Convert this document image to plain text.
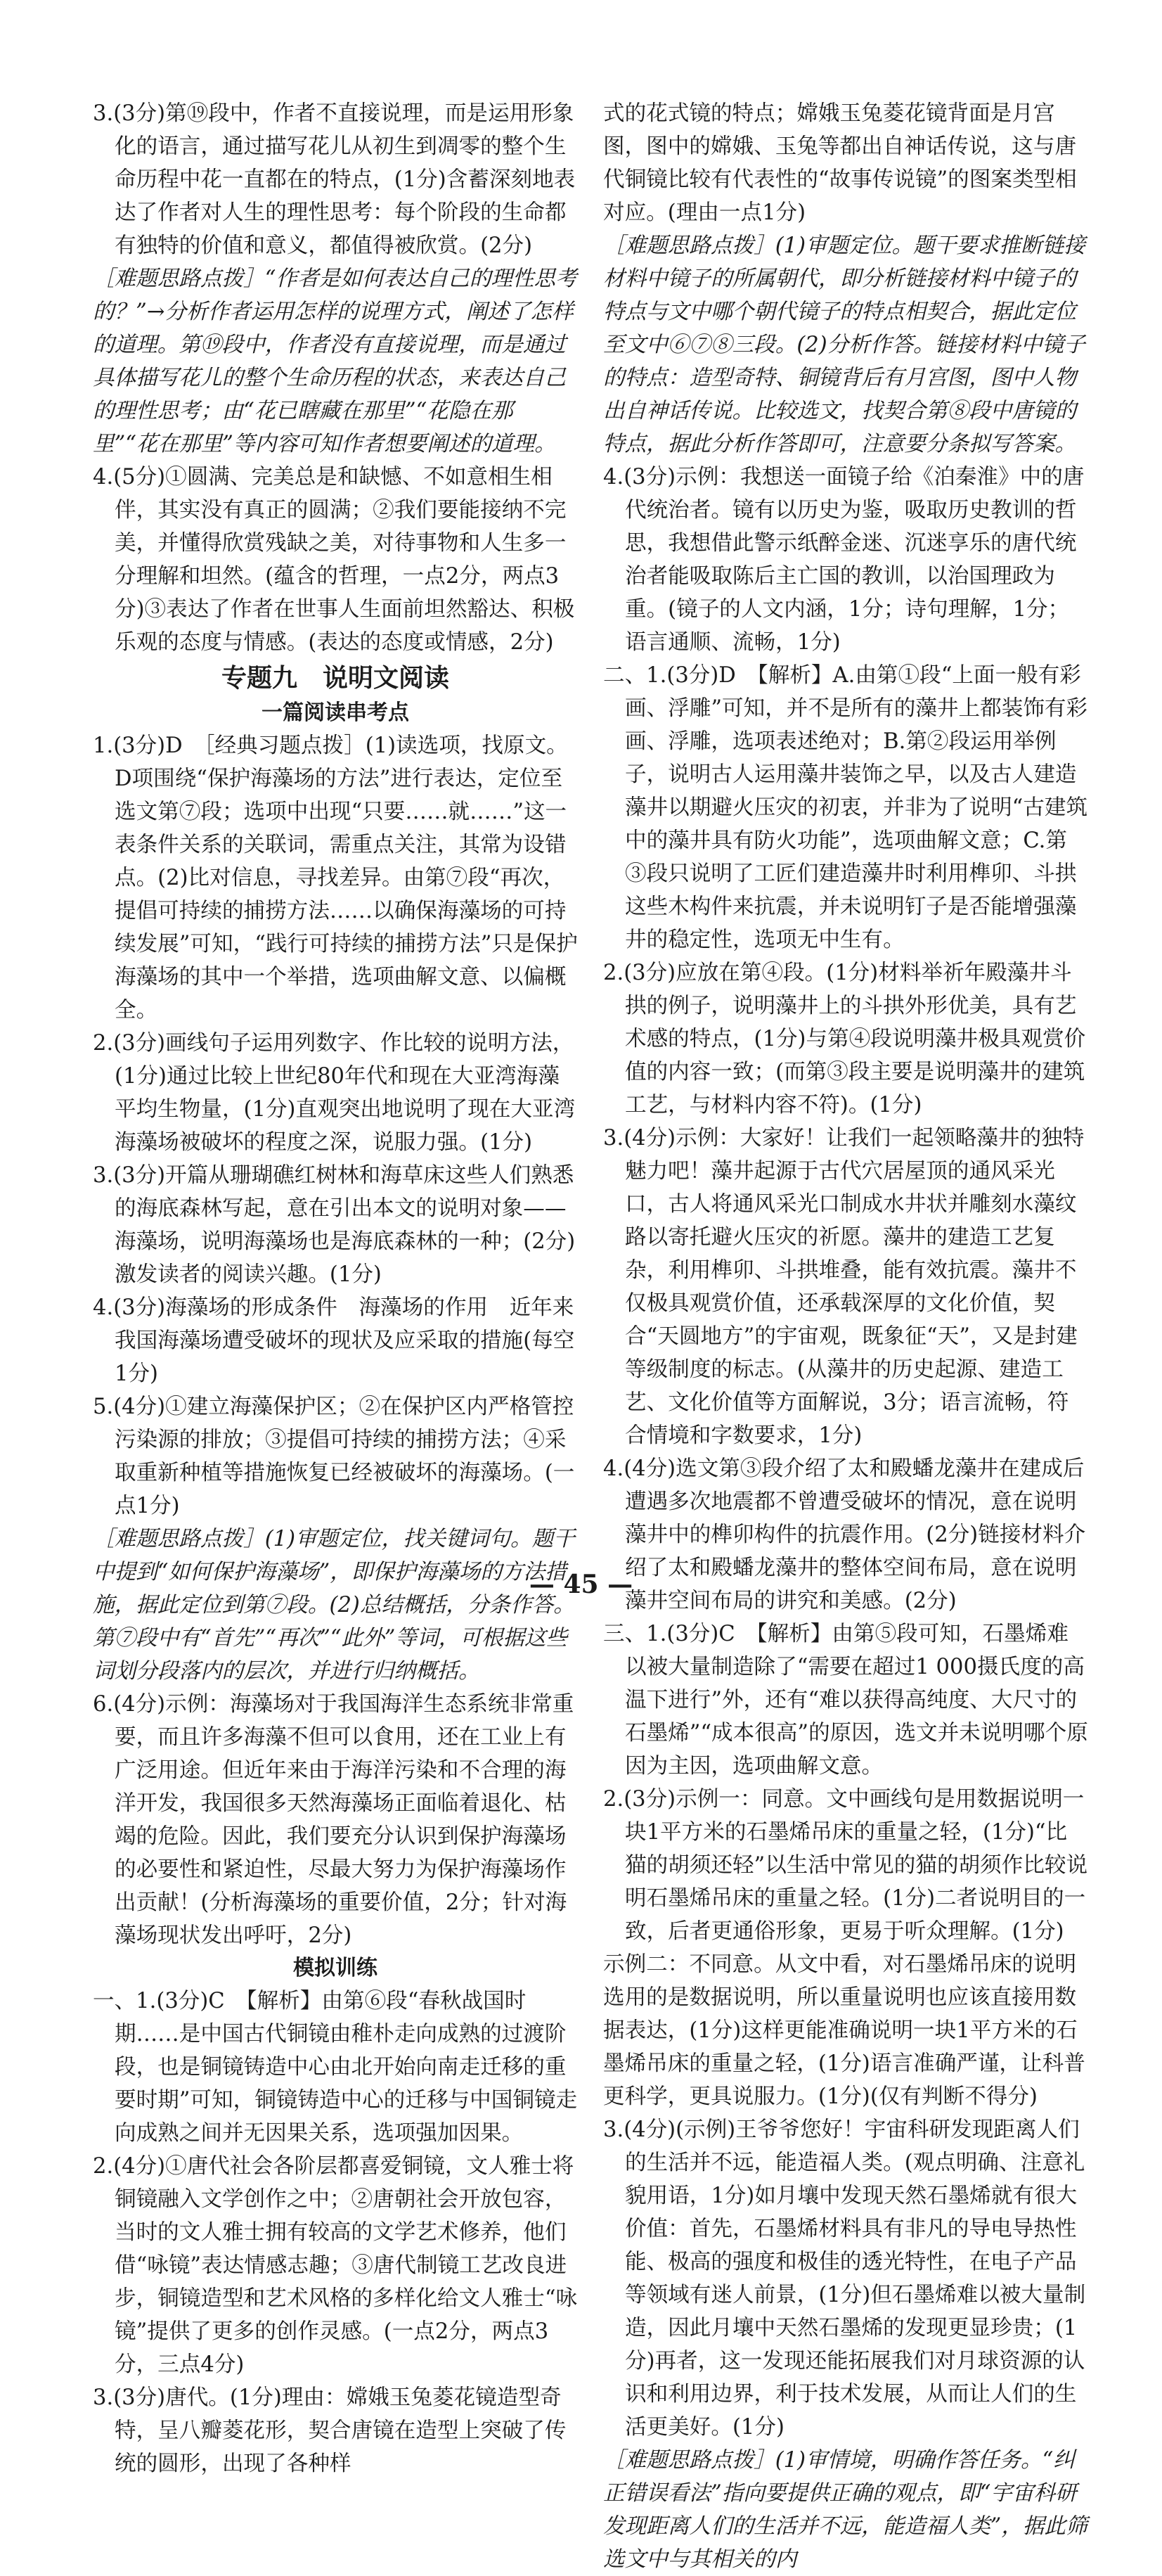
3.(3分)第⑲段中，作者不直接说理，而是运用形象化的语言，通过描写花儿从初生到凋零的整个生命历程中花一直都在的特点，(1分)含蓄深刻地表达了作者对人生的理性思考：每个阶段的生命都有独特的价值和意义，都值得被欣赏。(2分)

［难题思路点拨］“作者是如何表达自己的理性思考的？”→分析作者运用怎样的说理方式，阐述了怎样的道理。第⑲段中，作者没有直接说理，而是通过具体描写花儿的整个生命历程的状态，来表达自己的理性思考；由“花已瞎藏在那里”“花隐在那里”“花在那里”等内容可知作者想要阐述的道理。

4.(5分)①圆满、完美总是和缺憾、不如意相生相伴，其实没有真正的圆满；②我们要能接纳不完美，并懂得欣赏残缺之美，对待事物和人生多一分理解和坦然。(蕴含的哲理，一点2分，两点3分)③表达了作者在世事人生面前坦然豁达、积极乐观的态度与情感。(表达的态度或情感，2分)

专题九　说明文阅读

一篇阅读串考点

1.(3分)D　［经典习题点拨］(1)读选项，找原文。D项围绕“保护海藻场的方法”进行表达，定位至选文第⑦段；选项中出现“只要……就……”这一表条件关系的关联词，需重点关注，其常为设错点。(2)比对信息，寻找差异。由第⑦段“再次，提倡可持续的捕捞方法……以确保海藻场的可持续发展”可知，“践行可持续的捕捞方法”只是保护海藻场的其中一个举措，选项曲解文意、以偏概全。

2.(3分)画线句子运用列数字、作比较的说明方法，(1分)通过比较上世纪80年代和现在大亚湾海藻平均生物量，(1分)直观突出地说明了现在大亚湾海藻场被破坏的程度之深，说服力强。(1分)

3.(3分)开篇从珊瑚礁红树林和海草床这些人们熟悉的海底森林写起，意在引出本文的说明对象——海藻场，说明海藻场也是海底森林的一种；(2分)激发读者的阅读兴趣。(1分)

4.(3分)海藻场的形成条件　海藻场的作用　近年来我国海藻场遭受破坏的现状及应采取的措施(每空1分)

5.(4分)①建立海藻保护区；②在保护区内严格管控污染源的排放；③提倡可持续的捕捞方法；④采取重新种植等措施恢复已经被破坏的海藻场。(一点1分)

［难题思路点拨］(1)审题定位，找关键词句。题干中提到“如何保护海藻场”，即保护海藻场的方法措施，据此定位到第⑦段。(2)总结概括，分条作答。第⑦段中有“首先”“再次”“此外”等词，可根据这些词划分段落内的层次，并进行归纳概括。

6.(4分)示例：海藻场对于我国海洋生态系统非常重要，而且许多海藻不但可以食用，还在工业上有广泛用途。但近年来由于海洋污染和不合理的海洋开发，我国很多天然海藻场正面临着退化、枯竭的危险。因此，我们要充分认识到保护海藻场的必要性和紧迫性，尽最大努力为保护海藻场作出贡献！(分析海藻场的重要价值，2分；针对海藻场现状发出呼吁，2分)

模拟训练

一、1.(3分)C　【解析】由第⑥段“春秋战国时期……是中国古代铜镜由稚朴走向成熟的过渡阶段，也是铜镜铸造中心由北开始向南走迁移的重要时期”可知，铜镜铸造中心的迁移与中国铜镜走向成熟之间并无因果关系，选项强加因果。

2.(4分)①唐代社会各阶层都喜爱铜镜，文人雅士将铜镜融入文学创作之中；②唐朝社会开放包容，当时的文人雅士拥有较高的文学艺术修养，他们借“咏镜”表达情感志趣；③唐代制镜工艺改良进步，铜镜造型和艺术风格的多样化给文人雅士“咏镜”提供了更多的创作灵感。(一点2分，两点3分，三点4分)

3.(3分)唐代。(1分)理由：嫦娥玉兔菱花镜造型奇特，呈八瓣菱花形，契合唐镜在造型上突破了传统的圆形，出现了各种样

式的花式镜的特点；嫦娥玉兔菱花镜背面是月宫图，图中的嫦娥、玉兔等都出自神话传说，这与唐代铜镜比较有代表性的“故事传说镜”的图案类型相对应。(理由一点1分)

［难题思路点拨］(1)审题定位。题干要求推断链接材料中镜子的所属朝代，即分析链接材料中镜子的特点与文中哪个朝代镜子的特点相契合，据此定位至文中⑥⑦⑧三段。(2)分析作答。链接材料中镜子的特点：造型奇特、铜镜背后有月宫图，图中人物出自神话传说。比较选文，找契合第⑧段中唐镜的特点，据此分析作答即可，注意要分条拟写答案。

4.(3分)示例：我想送一面镜子给《泊秦淮》中的唐代统治者。镜有以历史为鉴，吸取历史教训的哲思，我想借此警示纸醉金迷、沉迷享乐的唐代统治者能吸取陈后主亡国的教训，以治国理政为重。(镜子的人文内涵，1分；诗句理解，1分；语言通顺、流畅，1分)

二、1.(3分)D　【解析】A.由第①段“上面一般有彩画、浮雕”可知，并不是所有的藻井上都装饰有彩画、浮雕，选项表述绝对；B.第②段运用举例子，说明古人运用藻井装饰之早，以及古人建造藻井以期避火压灾的初衷，并非为了说明“古建筑中的藻井具有防火功能”，选项曲解文意；C.第③段只说明了工匠们建造藻井时利用榫卯、斗拱这些木构件来抗震，并未说明钉子是否能增强藻井的稳定性，选项无中生有。

2.(3分)应放在第④段。(1分)材料举祈年殿藻井斗拱的例子，说明藻井上的斗拱外形优美，具有艺术感的特点，(1分)与第④段说明藻井极具观赏价值的内容一致；(而第③段主要是说明藻井的建筑工艺，与材料内容不符)。(1分)

3.(4分)示例：大家好！让我们一起领略藻井的独特魅力吧！藻井起源于古代穴居屋顶的通风采光口，古人将通风采光口制成水井状并雕刻水藻纹路以寄托避火压灾的祈愿。藻井的建造工艺复杂，利用榫卯、斗拱堆叠，能有效抗震。藻井不仅极具观赏价值，还承载深厚的文化价值，契合“天圆地方”的宇宙观，既象征“天”，又是封建等级制度的标志。(从藻井的历史起源、建造工艺、文化价值等方面解说，3分；语言流畅，符合情境和字数要求，1分)

4.(4分)选文第③段介绍了太和殿蟠龙藻井在建成后遭遇多次地震都不曾遭受破坏的情况，意在说明藻井中的榫卯构件的抗震作用。(2分)链接材料介绍了太和殿蟠龙藻井的整体空间布局，意在说明藻井空间布局的讲究和美感。(2分)

三、1.(3分)C　【解析】由第⑤段可知，石墨烯难以被大量制造除了“需要在超过1 000摄氏度的高温下进行”外，还有“难以获得高纯度、大尺寸的石墨烯”“成本很高”的原因，选文并未说明哪个原因为主因，选项曲解文意。

2.(3分)示例一：同意。文中画线句是用数据说明一块1平方米的石墨烯吊床的重量之轻，(1分)“比猫的胡须还轻”以生活中常见的猫的胡须作比较说明石墨烯吊床的重量之轻。(1分)二者说明目的一致，后者更通俗形象，更易于听众理解。(1分)

示例二：不同意。从文中看，对石墨烯吊床的说明选用的是数据说明，所以重量说明也应该直接用数据表达，(1分)这样更能准确说明一块1平方米的石墨烯吊床的重量之轻，(1分)语言准确严谨，让科普更科学，更具说服力。(1分)(仅有判断不得分)

3.(4分)(示例)王爷爷您好！宇宙科研发现距离人们的生活并不远，能造福人类。(观点明确、注意礼貌用语，1分)如月壤中发现天然石墨烯就有很大价值：首先，石墨烯材料具有非凡的导电导热性能、极高的强度和极佳的透光特性，在电子产品等领域有迷人前景，(1分)但石墨烯难以被大量制造，因此月壤中天然石墨烯的发现更显珍贵；(1分)再者，这一发现还能拓展我们对月球资源的认识和利用边界，利于技术发展，从而让人们的生活更美好。(1分)

［难题思路点拨］(1)审情境，明确作答任务。“纠正错误看法”指向要提供正确的观点，即“宇宙科研发现距离人们的生活并不远，能造福人类”，据此筛选文中与其相关的内

— 45 —
